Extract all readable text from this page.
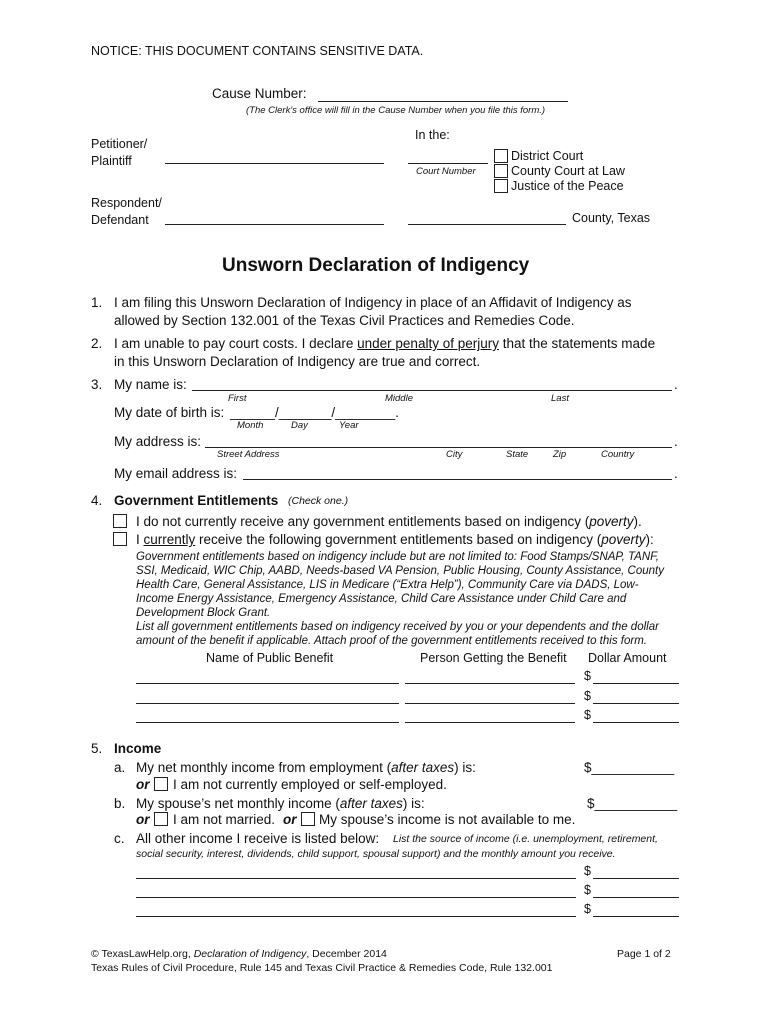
NOTICE: THIS DOCUMENT CONTAINS SENSITIVE DATA.
Cause Number:
(The Clerk's office will fill in the Cause Number when you file this form.)
In the:
Petitioner/
Plaintiff
Court Number
District Court
County Court at Law
Justice of the Peace
Respondent/
Defendant	County, Texas
Unsworn Declaration of Indigency
1. I am filing this Unsworn Declaration of Indigency in place of an Affidavit of Indigency as
allowed by Section 132.001 of the Texas Civil Practices and Remedies Code.
2. I am unable to pay court costs. I declare under penalty of perjury that the statements made
in this Unsworn Declaration of Indigency are true and correct.
3. My name is:	.
First	Middle	Last
My date of birth is: ______/_______/________.
Month	Day	Year
My address is:	.
Street Address	City	State	Zip	Country
My email address is:	.
4. Government Entitlements (Check one.)
I do not currently receive any government entitlements based on indigency (poverty).
I currently receive the following government entitlements based on indigency (poverty):
Government entitlements based on indigency include but are not limited to: Food Stamps/SNAP, TANF, SSI, Medicaid, WIC Chip, AABD, Needs-based VA Pension, Public Housing, County Assistance, County Health Care, General Assistance, LIS in Medicare (“Extra Help”), Community Care via DADS, Low-Income Energy Assistance, Emergency Assistance, Child Care Assistance under Child Care and Development Block Grant.
List all government entitlements based on indigency received by you or your dependents and the dollar amount of the benefit if applicable. Attach proof of the government entitlements received to this form.
Name of Public Benefit	Person Getting the Benefit Dollar Amount
$
$
$
5. Income
a. My net monthly income from employment (after taxes) is:	$___________
or I am not currently employed or self-employed.
b. My spouse’s net monthly income (after taxes) is:	$___________
or I am not married. or My spouse’s income is not available to me.
c. All other income I receive is listed below: List the source of income (i.e. unemployment, retirement,
social security, interest, dividends, child support, spousal support) and the monthly amount you receive.
$
$
$
© TexasLawHelp.org, Declaration of Indigency, December 2014
Texas Rules of Civil Procedure, Rule 145 and Texas Civil Practice & Remedies Code, Rule 132.001
Page 1 of 2
